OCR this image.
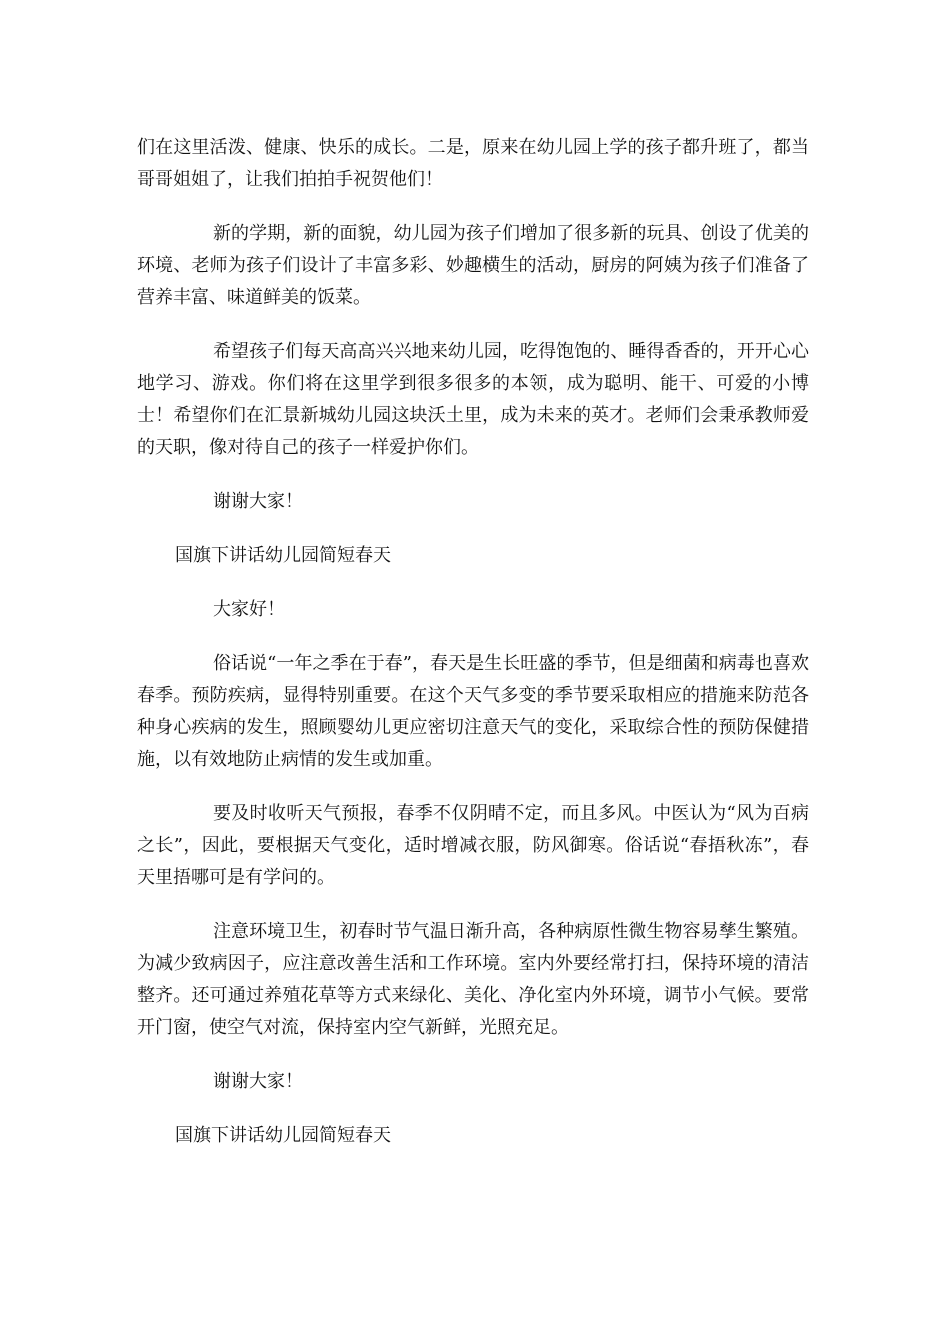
们在这里活泼、健康、快乐的成长。二是，原来在幼儿园上学的孩子都升班了，都当哥哥姐姐了，让我们拍拍手祝贺他们！

新的学期，新的面貌，幼儿园为孩子们增加了很多新的玩具、创设了优美的环境、老师为孩子们设计了丰富多彩、妙趣横生的活动，厨房的阿姨为孩子们准备了营养丰富、味道鲜美的饭菜。

希望孩子们每天高高兴兴地来幼儿园，吃得饱饱的、睡得香香的，开开心心地学习、游戏。你们将在这里学到很多很多的本领，成为聪明、能干、可爱的小博士！希望你们在汇景新城幼儿园这块沃土里，成为未来的英才。老师们会秉承教师爱的天职，像对待自己的孩子一样爱护你们。

谢谢大家！

国旗下讲话幼儿园简短春天

大家好！

俗话说“一年之季在于春”，春天是生长旺盛的季节，但是细菌和病毒也喜欢春季。预防疾病，显得特别重要。在这个天气多变的季节要采取相应的措施来防范各种身心疾病的发生，照顾婴幼儿更应密切注意天气的变化，采取综合性的预防保健措施，以有效地防止病情的发生或加重。

要及时收听天气预报，春季不仅阴晴不定，而且多风。中医认为“风为百病之长”，因此，要根据天气变化，适时增减衣服，防风御寒。俗话说“春捂秋冻”，春天里捂哪可是有学问的。

注意环境卫生，初春时节气温日渐升高，各种病原性微生物容易孳生繁殖。为减少致病因子，应注意改善生活和工作环境。室内外要经常打扫，保持环境的清洁整齐。还可通过养殖花草等方式来绿化、美化、净化室内外环境，调节小气候。要常开门窗，使空气对流，保持室内空气新鲜，光照充足。

谢谢大家！

国旗下讲话幼儿园简短春天
